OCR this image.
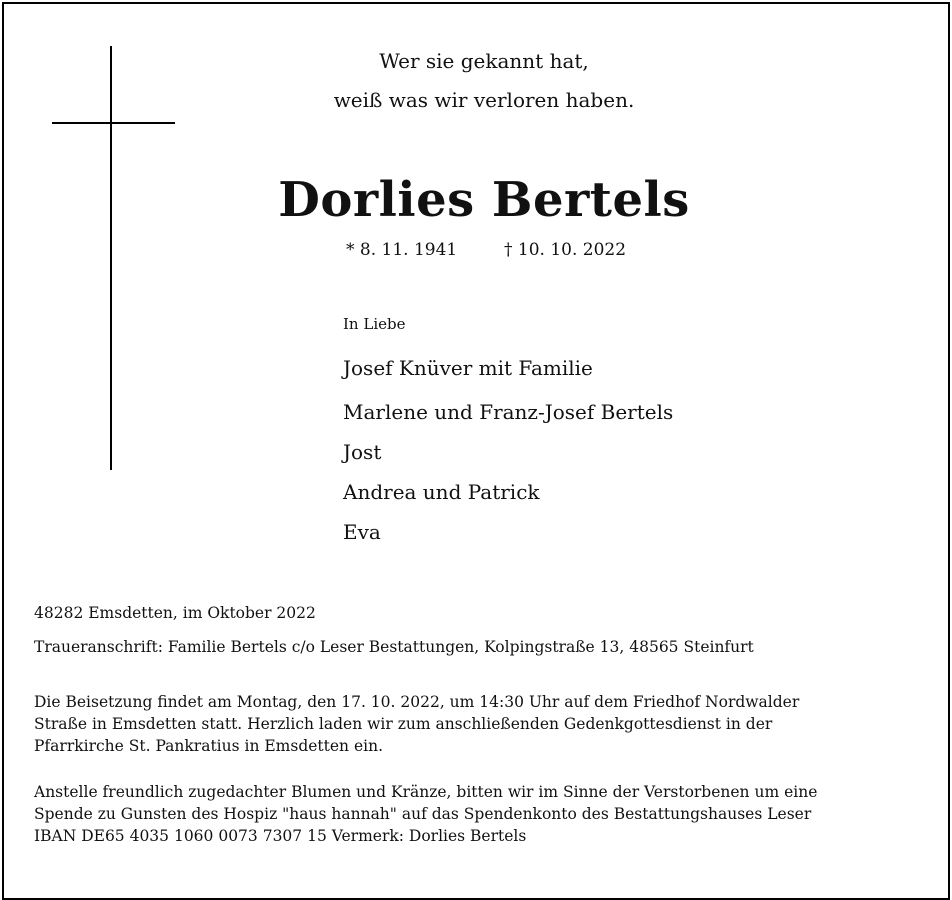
Wer sie gekannt hat,
weiß was wir verloren haben.
Dorlies Bertels
* 8. 11. 1941	† 10. 10. 2022
In Liebe
Josef Knüver mit Familie
Marlene und Franz-Josef Bertels
Jost
Andrea und Patrick
Eva
48282 Emsdetten, im Oktober 2022
Traueranschrift: Familie Bertels c/o Leser Bestattungen, Kolpingstraße 13, 48565 Steinfurt
Die Beisetzung findet am Montag, den 17. 10. 2022, um 14:30 Uhr auf dem Friedhof Nordwalder
Straße in Emsdetten statt. Herzlich laden wir zum anschließenden Gedenkgottesdienst in der
Pfarrkirche St. Pankratius in Emsdetten ein.
Anstelle freundlich zugedachter Blumen und Kränze, bitten wir im Sinne der Verstorbenen um eine
Spende zu Gunsten des Hospiz "haus hannah" auf das Spendenkonto des Bestattungshauses Leser
IBAN DE65 4035 1060 0073 7307 15 Vermerk: Dorlies Bertels
